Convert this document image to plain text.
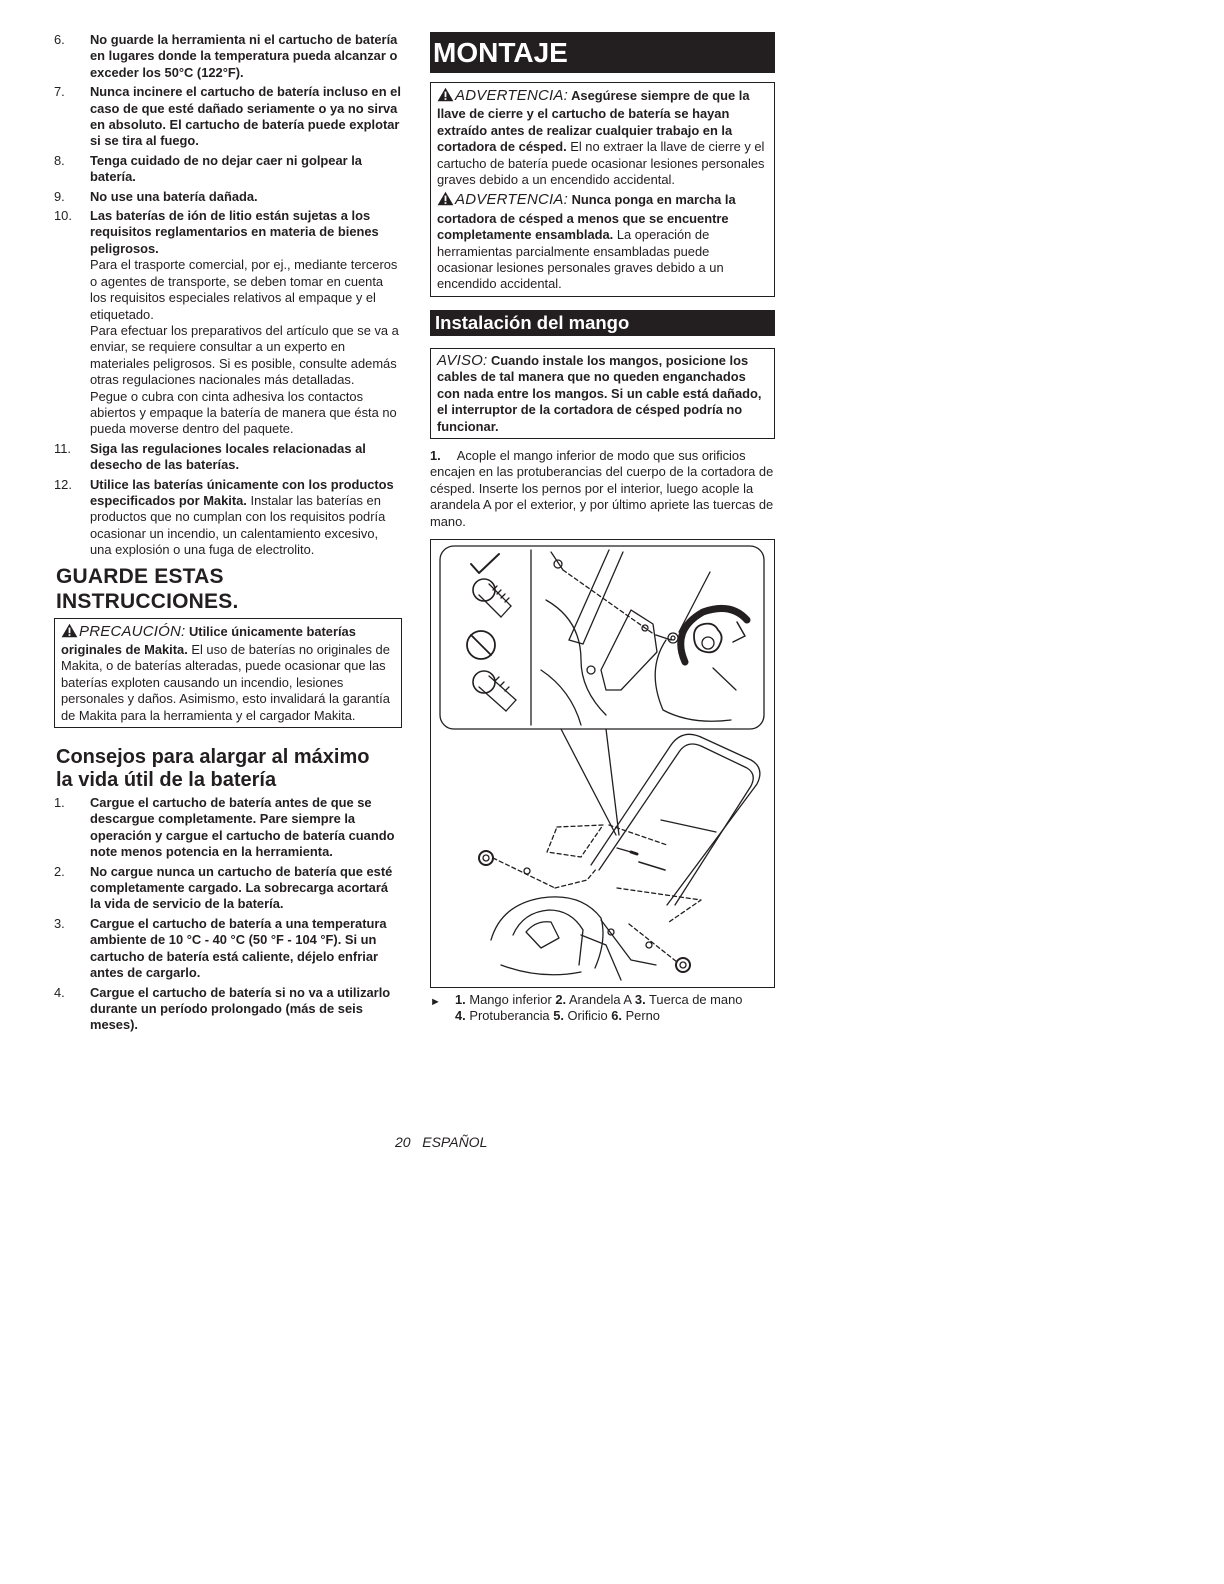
6.	No guarde la herramienta ni el cartucho de batería en lugares donde la temperatura pueda alcanzar o exceder los 50°C (122°F).
7.	Nunca incinere el cartucho de batería incluso en el caso de que esté dañado seriamente o ya no sirva en absoluto. El cartucho de batería puede explotar si se tira al fuego.
8.	Tenga cuidado de no dejar caer ni golpear la batería.
9.	No use una batería dañada.
10.	Las baterías de ión de litio están sujetas a los requisitos reglamentarios en materia de bienes peligrosos.

Para el trasporte comercial, por ej., mediante terceros o agentes de transporte, se deben tomar en cuenta los requisitos especiales relativos al empaque y el etiquetado.

Para efectuar los preparativos del artículo que se va a enviar, se requiere consultar a un experto en materiales peligrosos. Si es posible, consulte además otras regulaciones nacionales más detalladas.

Pegue o cubra con cinta adhesiva los contactos abiertos y empaque la batería de manera que ésta no pueda moverse dentro del paquete.

11.	Siga las regulaciones locales relacionadas al desecho de las baterías.
12.	Utilice las baterías únicamente con los productos especificados por Makita. Instalar las baterías en productos que no cumplan con los requisitos podría ocasionar un incendio, un calentamiento excesivo, una explosión o una fuga de electrolito.
GUARDE ESTAS
INSTRUCCIONES.
PRECAUCIÓN: Utilice únicamente baterías originales de Makita. El uso de baterías no originales de Makita, o de baterías alteradas, puede ocasionar que las baterías exploten causando un incendio, lesiones personales y daños. Asimismo, esto invalidará la garantía de Makita para la herramienta y el cargador Makita.
Consejos para alargar al máximo
la vida útil de la batería
1.	Cargue el cartucho de batería antes de que se descargue completamente. Pare siempre la operación y cargue el cartucho de batería cuando note menos potencia en la herramienta.
2.	No cargue nunca un cartucho de batería que esté completamente cargado. La sobrecarga acortará la vida de servicio de la batería.
3.	Cargue el cartucho de batería a una temperatura ambiente de 10 °C - 40 °C (50 °F - 104 °F). Si un cartucho de batería está caliente, déjelo enfriar antes de cargarlo.
4.	Cargue el cartucho de batería si no va a utilizarlo durante un período prolongado (más de seis meses).
MONTAJE
ADVERTENCIA: Asegúrese siempre de que la llave de cierre y el cartucho de batería se hayan extraído antes de realizar cualquier trabajo en la cortadora de césped. El no extraer la llave de cierre y el cartucho de batería puede ocasionar lesiones personales graves debido a un encendido accidental.
ADVERTENCIA: Nunca ponga en marcha la cortadora de césped a menos que se encuentre completamente ensamblada. La operación de herramientas parcialmente ensambladas puede ocasionar lesiones personales graves debido a un encendido accidental.
Instalación del mango
AVISO: Cuando instale los mangos, posicione los cables de tal manera que no queden enganchados con nada entre los mangos. Si un cable está dañado, el interruptor de la cortadora de césped podría no funcionar.

1. Acople el mango inferior de modo que sus orificios encajen en las protuberancias del cuerpo de la cortadora de césped. Inserte los pernos por el interior, luego acople la arandela A por el exterior, y por último apriete las tuercas de mano.

►	1. Mango inferior 2. Arandela A 3. Tuerca de mano
4. Protuberancia 5. Orificio 6. Perno
20 ESPAÑOL
